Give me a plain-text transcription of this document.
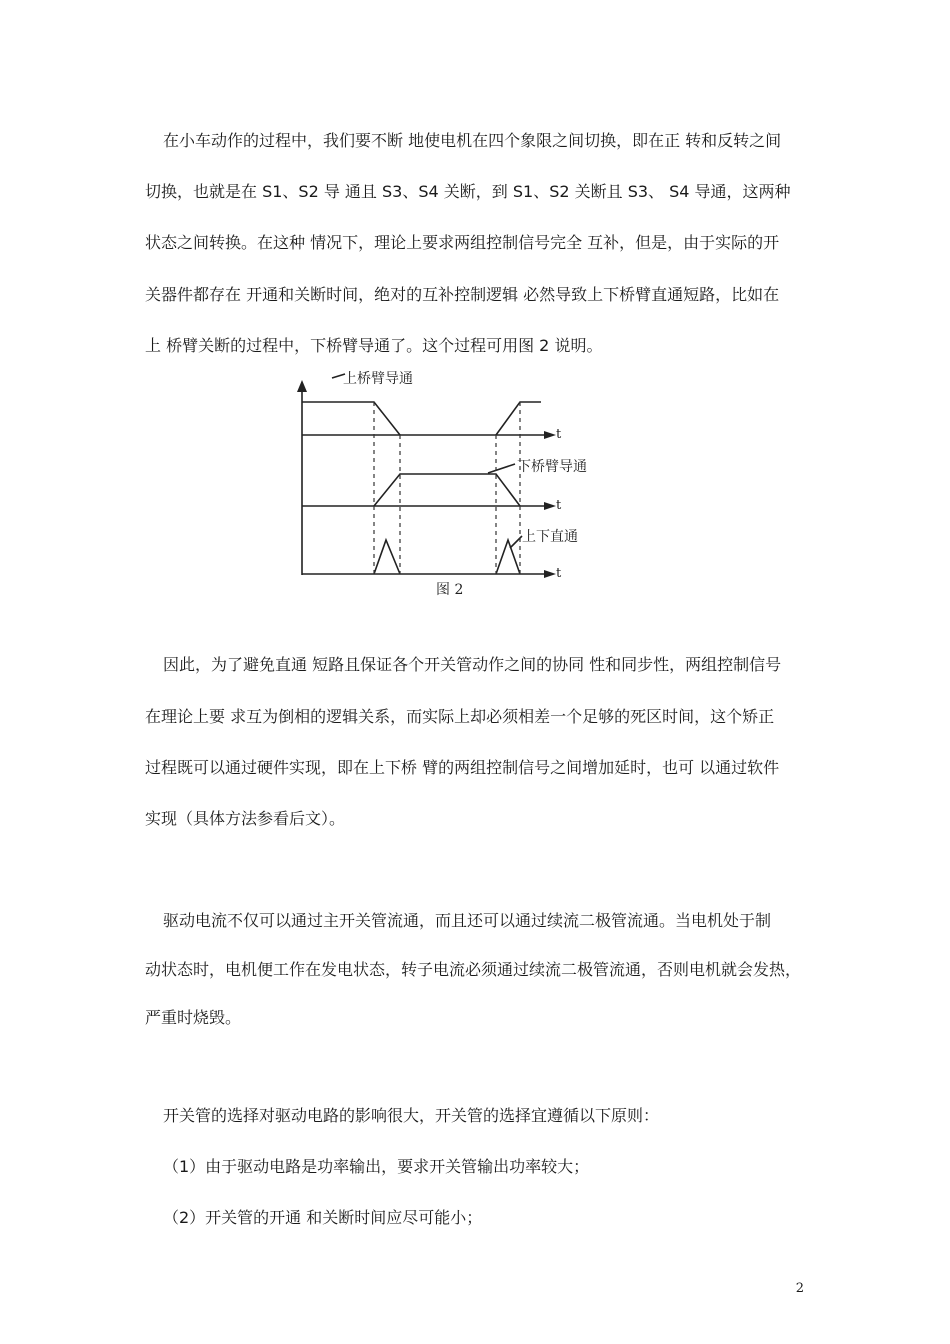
在小车动作的过程中，我们要不断 地使电机在四个象限之间切换，即在正 转和反转之间
切换，也就是在 S1、S2 导 通且 S3、S4 关断，到 S1、S2 关断且 S3、 S4 导通，这两种
状态之间转换。在这种 情况下，理论上要求两组控制信号完全 互补，但是，由于实际的开
关器件都存在 开通和关断时间，绝对的互补控制逻辑 必然导致上下桥臂直通短路，比如在
上 桥臂关断的过程中，下桥臂导通了。这个过程可用图 2 说明。
上桥臂导通
下桥臂导通
上下直通
t
t
t
图 2
因此，为了避免直通 短路且保证各个开关管动作之间的协同 性和同步性，两组控制信号
在理论上要 求互为倒相的逻辑关系，而实际上却必须相差一个足够的死区时间，这个矫正
过程既可以通过硬件实现，即在上下桥 臂的两组控制信号之间增加延时，也可 以通过软件
实现（具体方法参看后文）。
驱动电流不仅可以通过主开关管流通，而且还可以通过续流二极管流通。当电机处于制
动状态时，电机便工作在发电状态，转子电流必须通过续流二极管流通，否则电机就会发热，
严重时烧毁。
开关管的选择对驱动电路的影响很大，开关管的选择宜遵循以下原则：
（1）由于驱动电路是功率输出，要求开关管输出功率较大；
（2）开关管的开通 和关断时间应尽可能小；
2
